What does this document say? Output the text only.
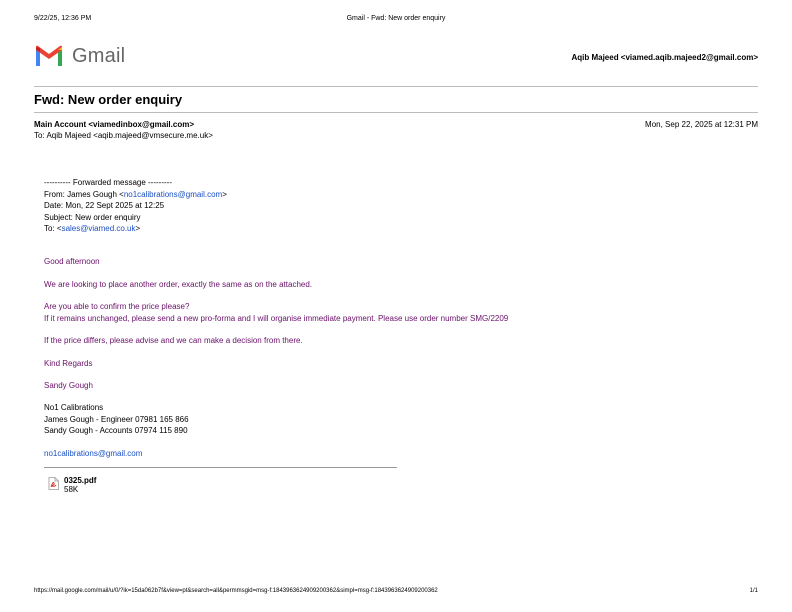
9/22/25, 12:36 PM	Gmail - Fwd: New order enquiry
Gmail	Aqib Majeed <viamed.aqib.majeed2@gmail.com>
Fwd: New order enquiry
Main Account <viamedinbox@gmail.com>	Mon, Sep 22, 2025 at 12:31 PM
To: Aqib Majeed <aqib.majeed@vmsecure.me.uk>
---------- Forwarded message ---------
From: James Gough <no1calibrations@gmail.com>
Date: Mon, 22 Sept 2025 at 12:25
Subject: New order enquiry
To: <sales@viamed.co.uk>
Good afternoon
We are looking to place another order, exactly the same as on the attached.
Are you able to confirm the price please?
If it remains unchanged, please send a new pro-forma and I will organise immediate payment. Please use order number SMG/2209
If the price differs, please advise and we can make a decision from there.
Kind Regards
Sandy Gough
No1 Calibrations
James Gough - Engineer 07981 165 866
Sandy Gough - Accounts 07974 115 890
no1calibrations@gmail.com
0325.pdf
58K
https://mail.google.com/mail/u/0/?ik=15da062b7f&view=pt&search=all&permmsgid=msg-f:1843963624909200362&simpl=msg-f:1843963624909200362	1/1
